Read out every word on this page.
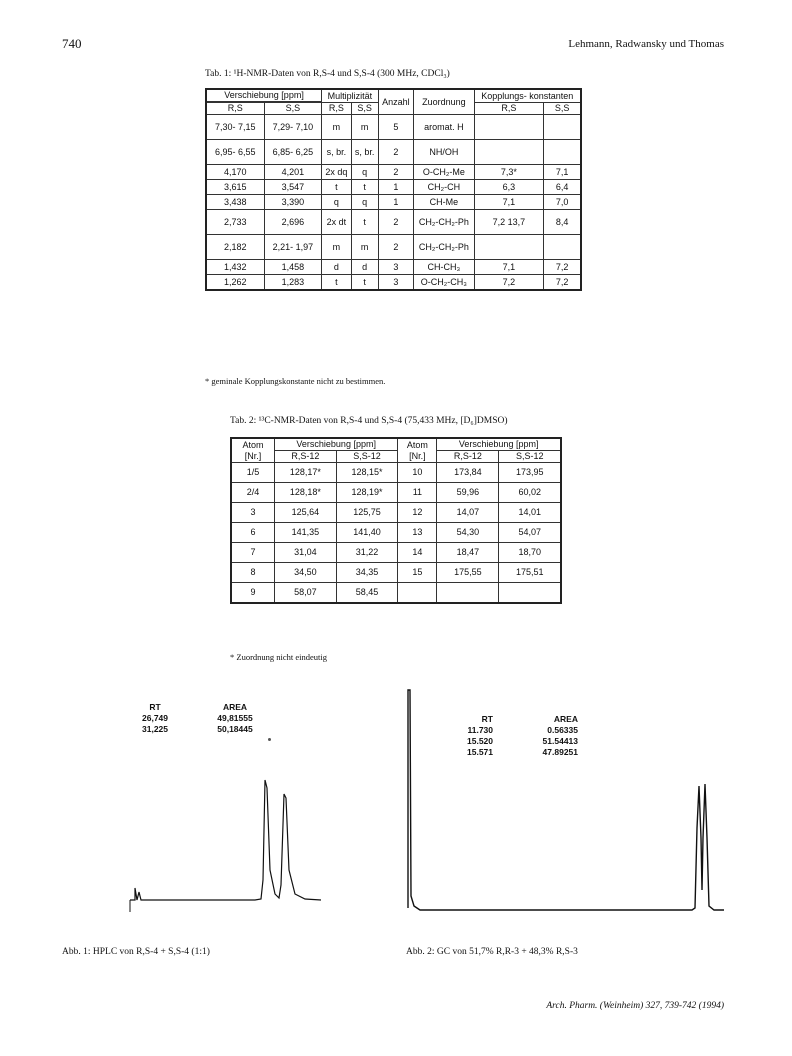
740	Lehmann, Radwansky und Thomas
Tab. 1: ¹H-NMR-Daten von R,S-4 und S,S-4 (300 MHz, CDCl₃)
Verschiebung [ppm]		Multiplizität		Anzahl	Zuordnung	Kopplungs- konstanten	

R,S	S,S	R,S	S,S			R,S	S,S
7,30- 7,15	7,29- 7,10	m	m	5	aromat. H		
6,95- 6,55	6,85- 6,25	s, br.	s, br.	2	NH/OH		
4,170	4,201	2x dq	q	2	O-CH₂-Me	7,3*	7,1
3,615	3,547	t	t	1	CH₂-CH	6,3	6,4
3,438	3,390	q	q	1	CH-Me	7,1	7,0
2,733	2,696	2x dt	t	2	CH₂-CH₂-Ph	7,2 13,7	8,4
2,182	2,21- 1,97	m	m	2	CH₂-CH₂-Ph		
1,432	1,458	d	d	3	CH-CH₃	7,1	7,2
1,262	1,283	t	t	3	O-CH₂-CH₃	7,2	7,2
* geminale Kopplungskonstante nicht zu bestimmen.
Tab. 2: ¹³C-NMR-Daten von R,S-4 und S,S-4 (75,433 MHz, [D₆]DMSO)
Atom [Nr.]	Verschiebung [ppm]		Atom [Nr.]	Verschiebung [ppm]	
	R,S-12	S,S-12		R,S-12	S,S-12
1/5	128,17*	128,15*	10	173,84	173,95
2/4	128,18*	128,19*	11	59,96	60,02
3	125,64	125,75	12	14,07	14,01
6	141,35	141,40	13	54,30	54,07
7	31,04	31,22	14	18,47	18,70
8	34,50	34,35	15	175,55	175,51
9	58,07	58,45			
* Zuordnung nicht eindeutig
RT	AREA
26,749	49,81555
31,225	50,18445
RT	AREA
11.730	0.56335
15.520	51.54413
15.571	47.89251
Abb. 1: HPLC von R,S-4 + S,S-4 (1:1)	Abb. 2: GC von 51,7% R,R-3 + 48,3% R,S-3
Arch. Pharm. (Weinheim) 327, 739-742 (1994)
